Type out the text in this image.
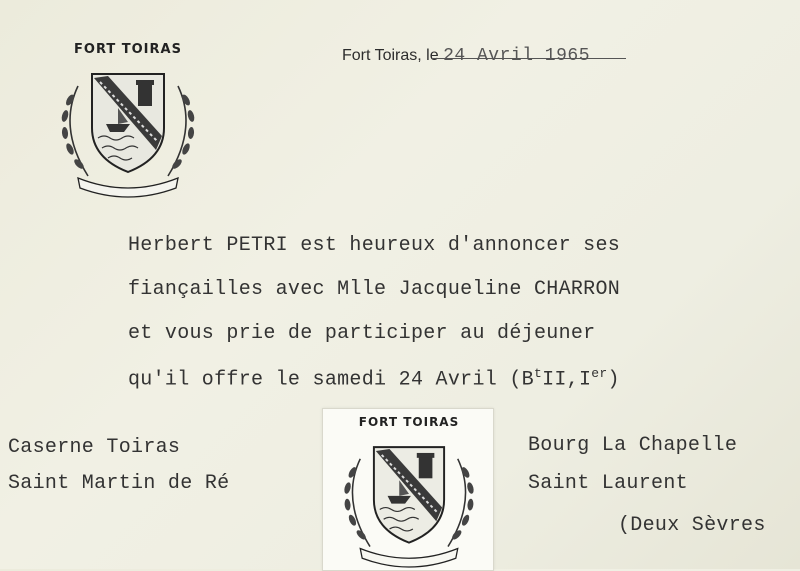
FORT TOIRAS	Fort Toiras, le 24 Avril 1965
Herbert PETRI est heureux d'annoncer ses
fiançailles avec Mlle Jacqueline CHARRON
et vous prie de participer au déjeuner
qu'il offre le samedi 24 Avril $(B^tII,Ier)$
Caserne Toiras
Saint Martin de Ré
Bourg La Chapelle
Saint Laurent
(Deux Sèvres
FORT TOIRAS
